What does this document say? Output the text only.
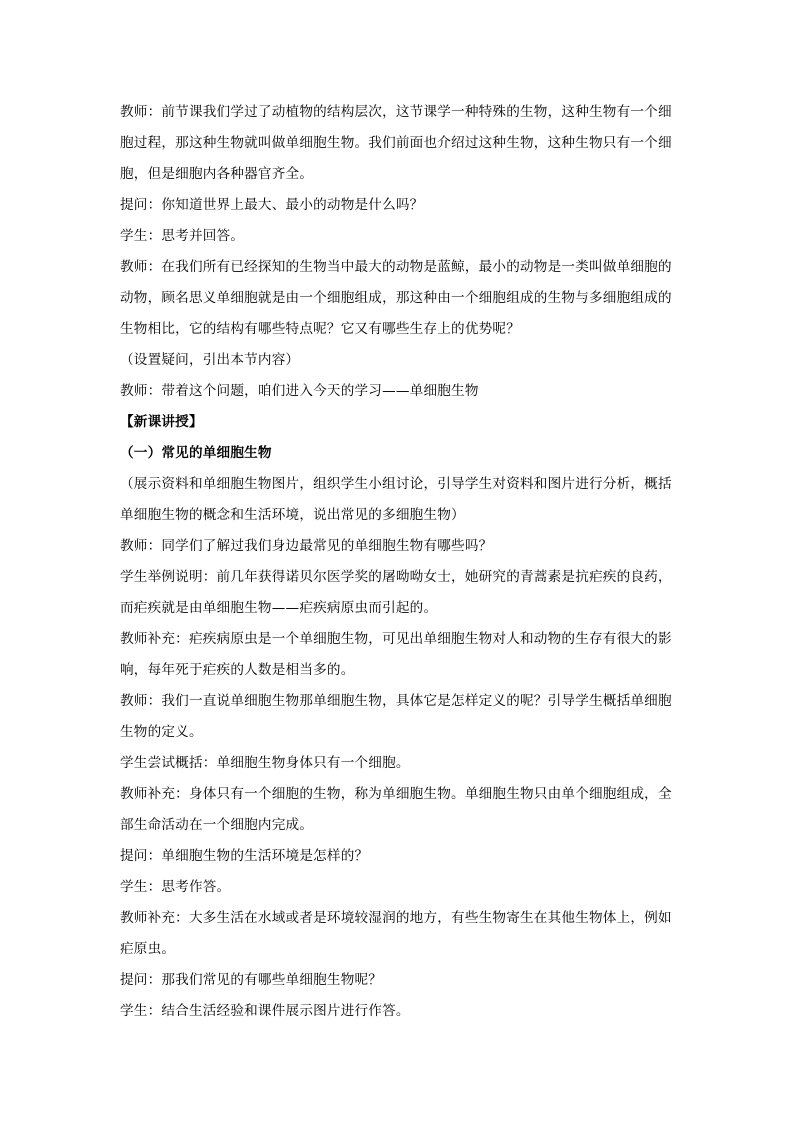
教师：前节课我们学过了动植物的结构层次，这节课学一种特殊的生物，这种生物有一个细

胞过程，那这种生物就叫做单细胞生物。我们前面也介绍过这种生物，这种生物只有一个细

胞，但是细胞内各种器官齐全。

提问：你知道世界上最大、最小的动物是什么吗？

学生：思考并回答。

教师：在我们所有已经探知的生物当中最大的动物是蓝鲸，最小的动物是一类叫做单细胞的

动物，顾名思义单细胞就是由一个细胞组成，那这种由一个细胞组成的生物与多细胞组成的

生物相比，它的结构有哪些特点呢？它又有哪些生存上的优势呢？

（设置疑问，引出本节内容）

教师：带着这个问题，咱们进入今天的学习——单细胞生物

【新课讲授】

（一）常见的单细胞生物

（展示资料和单细胞生物图片，组织学生小组讨论，引导学生对资料和图片进行分析，概括

单细胞生物的概念和生活环境，说出常见的多细胞生物）

教师：同学们了解过我们身边最常见的单细胞生物有哪些吗？

学生举例说明：前几年获得诺贝尔医学奖的屠呦呦女士，她研究的青蒿素是抗疟疾的良药，

而疟疾就是由单细胞生物——疟疾病原虫而引起的。

教师补充：疟疾病原虫是一个单细胞生物，可见出单细胞生物对人和动物的生存有很大的影

响，每年死于疟疾的人数是相当多的。

教师：我们一直说单细胞生物那单细胞生物，具体它是怎样定义的呢？引导学生概括单细胞

生物的定义。

学生尝试概括：单细胞生物身体只有一个细胞。

教师补充：身体只有一个细胞的生物，称为单细胞生物。单细胞生物只由单个细胞组成，全

部生命活动在一个细胞内完成。

提问：单细胞生物的生活环境是怎样的？

学生：思考作答。

教师补充：大多生活在水域或者是环境较湿润的地方，有些生物寄生在其他生物体上，例如

疟原虫。

提问：那我们常见的有哪些单细胞生物呢？

学生：结合生活经验和课件展示图片进行作答。
